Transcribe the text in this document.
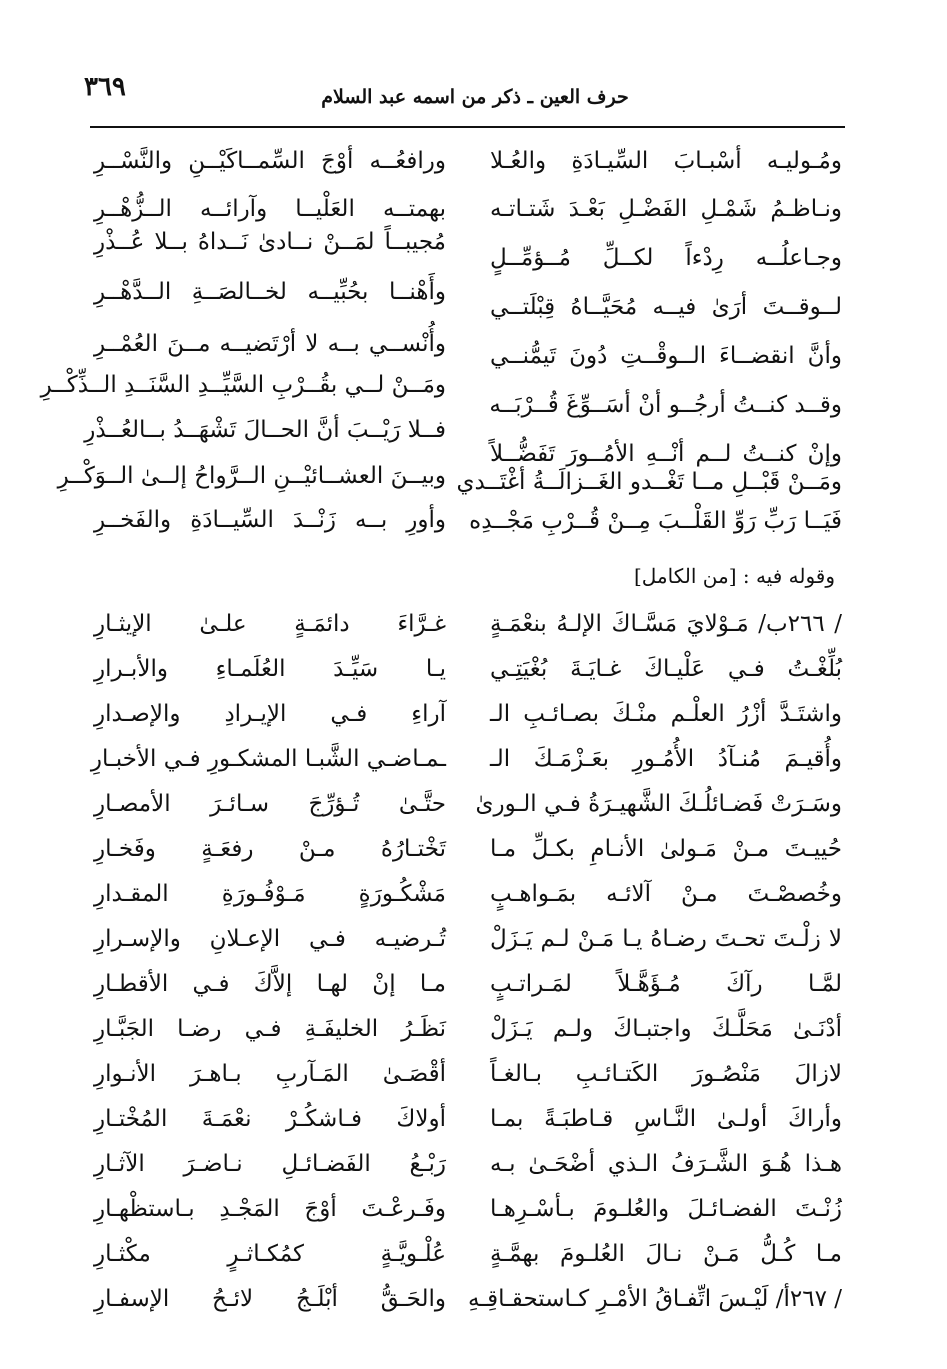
٣٦٩	حرف العين ـ ذكر من اسمه عبد السلام
ومُـوليـه أسْبـابَ السِّيـادَةِ والعُـلا
ونـاظـمُ شَمْـلِ الفَضْـلِ بَعْـدَ شَتـاتـه
وجـاعلُــه رِدْءاً لكــلِّ مُــؤمِّــلٍ
لــوقــتَ أرَىٰ فيــه مُحَيَّــاهُ قِبْلَتــي
وأنَّ انقضــاءَ الــوقْــتِ دُونَ تَيمُّنــي
وقــد كنــتُ أرجُــو أنْ أسَــوِّغَ قُــرْبَــه
وإنْ كنــتُ لــم أنْــهِ الأمُــورَ تَفَضُّــلاً
ومَــنْ قَبْــلِ مــا تَغْــدو الغَــزالَــةُ أغْتَــدي
فَيَــا رَبِّ رَوِّ القَلْــبَ مِــنْ قُــرْبِ مَجْــدِه
ورافعُــه أوْجَ السِّمــاكَيْــنِ والنَّسْــرِ
بهمتــه العَلْيــا وآرائــه الــزُّهْــرِ
مُجيبــاً لمَــنْ نــادىٰ نَــداهُ بــلا عُــذْرِ
وأَهْنــا بحُبِّيــه لخــالصَــةِ الــدَّهْــرِ
وأُنْســي بــه لا أرْتَضيــه مــنَ العُمْــرِ
ومَــنْ لــي بقُــرْبِ السَّيِّــدِ السَّنَــدِ الــذِّكْــرِ
فــلا رَيْــبَ أنَّ الحــالَ تَشْهَــدُ بــالعُــذْرِ
وبيــنَ العشــائيْــنِ الــرَّواحُ إلــىٰ الــوَكْــرِ
وأورِ بــه زَنْــدَ السِّيــادَةِ والفَخــرِ
وقوله فيه : [من الكامل]
/ ٢٦٦ب/ مَـوْلايَ مَسَّـاكَ الإلـهُ بنعْمَـةٍ
بُلِّغْـتُ فـي عَلْيـاكَ غـايَـةَ بُغْيَتِـي
واشتَـدَّ أزْرُ العلْـم منْـكَ بصـائـبِ الـ
وأُقيـمَ مُنـآدُ الأُمُـورِ بعَـزْمَـكَ الـ
وسَـرَتْ فَضـائلُـكَ الشَّهيـرَةُ فـي الـورىٰ
حُييـتَ مـنْ مَـولىٰ الأنـامِ بكـلِّ مـا
وخُصصْـتَ مـنْ آلائـه بمَـواهـبٍ
لا زلْـتَ تحـتَ رضـاهُ يـا مَـنْ لـم يَـزَلْ
لمَّـا رآكَ مُـؤَهَّـلاً لمَـراتـبٍ
أدْنَـىٰ مَحَلَّـكَ واجتبـاكَ ولـم يَـزَلْ
لازالَ مَنْصُـورَ الكَتـائـبِ بـالغـاً
وأراكَ أولـىٰ النَّـاسِ قـاطبَـةً بمـا
هـذا هُـوَ الشَّـرَفُ الـذي أضْحَـىٰ بـه
زُنْـتَ الفضـائـلَ والعُلـومَ بـأسْـرِهـا
مـا كُـلُّ مَـنْ نـالَ العُلـومَ بهمَّـةٍ
/ ٢٦٧أ/ لَيْـسَ اتِّفـاقُ الأمْـرِ كـاستحقـاقِـهِ
غـرَّاءَ دائمَـةٍ علـىٰ الإيثـارِ
يـا سَيِّـدَ العُلَمـاءِ والأبـرارِ
آراءِ فـي الإيـرادِ والإصـدارِ
ـمـاضـي الشَّبـا المشكـورِ فـي الأخبـارِ
حتَّـىٰ تُـؤرِّجَ سـائـرَ الأمصـارِ
تَخْتـارُهُ مـنْ رفعَـةٍ وفَخـارِ
مَشْكُـورَةٍ مَـوْفُـورَةِ المقـدارِ
تُـرضيـه فـي الإعـلانِ والإسـرارِ
مـا إنْ لهـا إلاَّكَ فـي الأقطـارِ
نَظَـرُ الخليفَـةِ فـي رضـا الجَبَّـارِ
أقْصَـىٰ المَـآربِ بـاهـرَ الأنـوارِ
أولاكَ فـاشكُـرْ نعْمَـةَ المُخْتـارِ
رَبْـعُ الفَضـائـلِ نـاضـرَ الآثـارِ
وفَـرعْـتَ أوْجَ المَجْـدِ بـاستظْهـارِ
عُلْـويَّـةٍ كمُكـاثـرٍ مكْثـارِ
والحَـقُّ أبْلَـجُ لائـحُ الإسفـارِ
